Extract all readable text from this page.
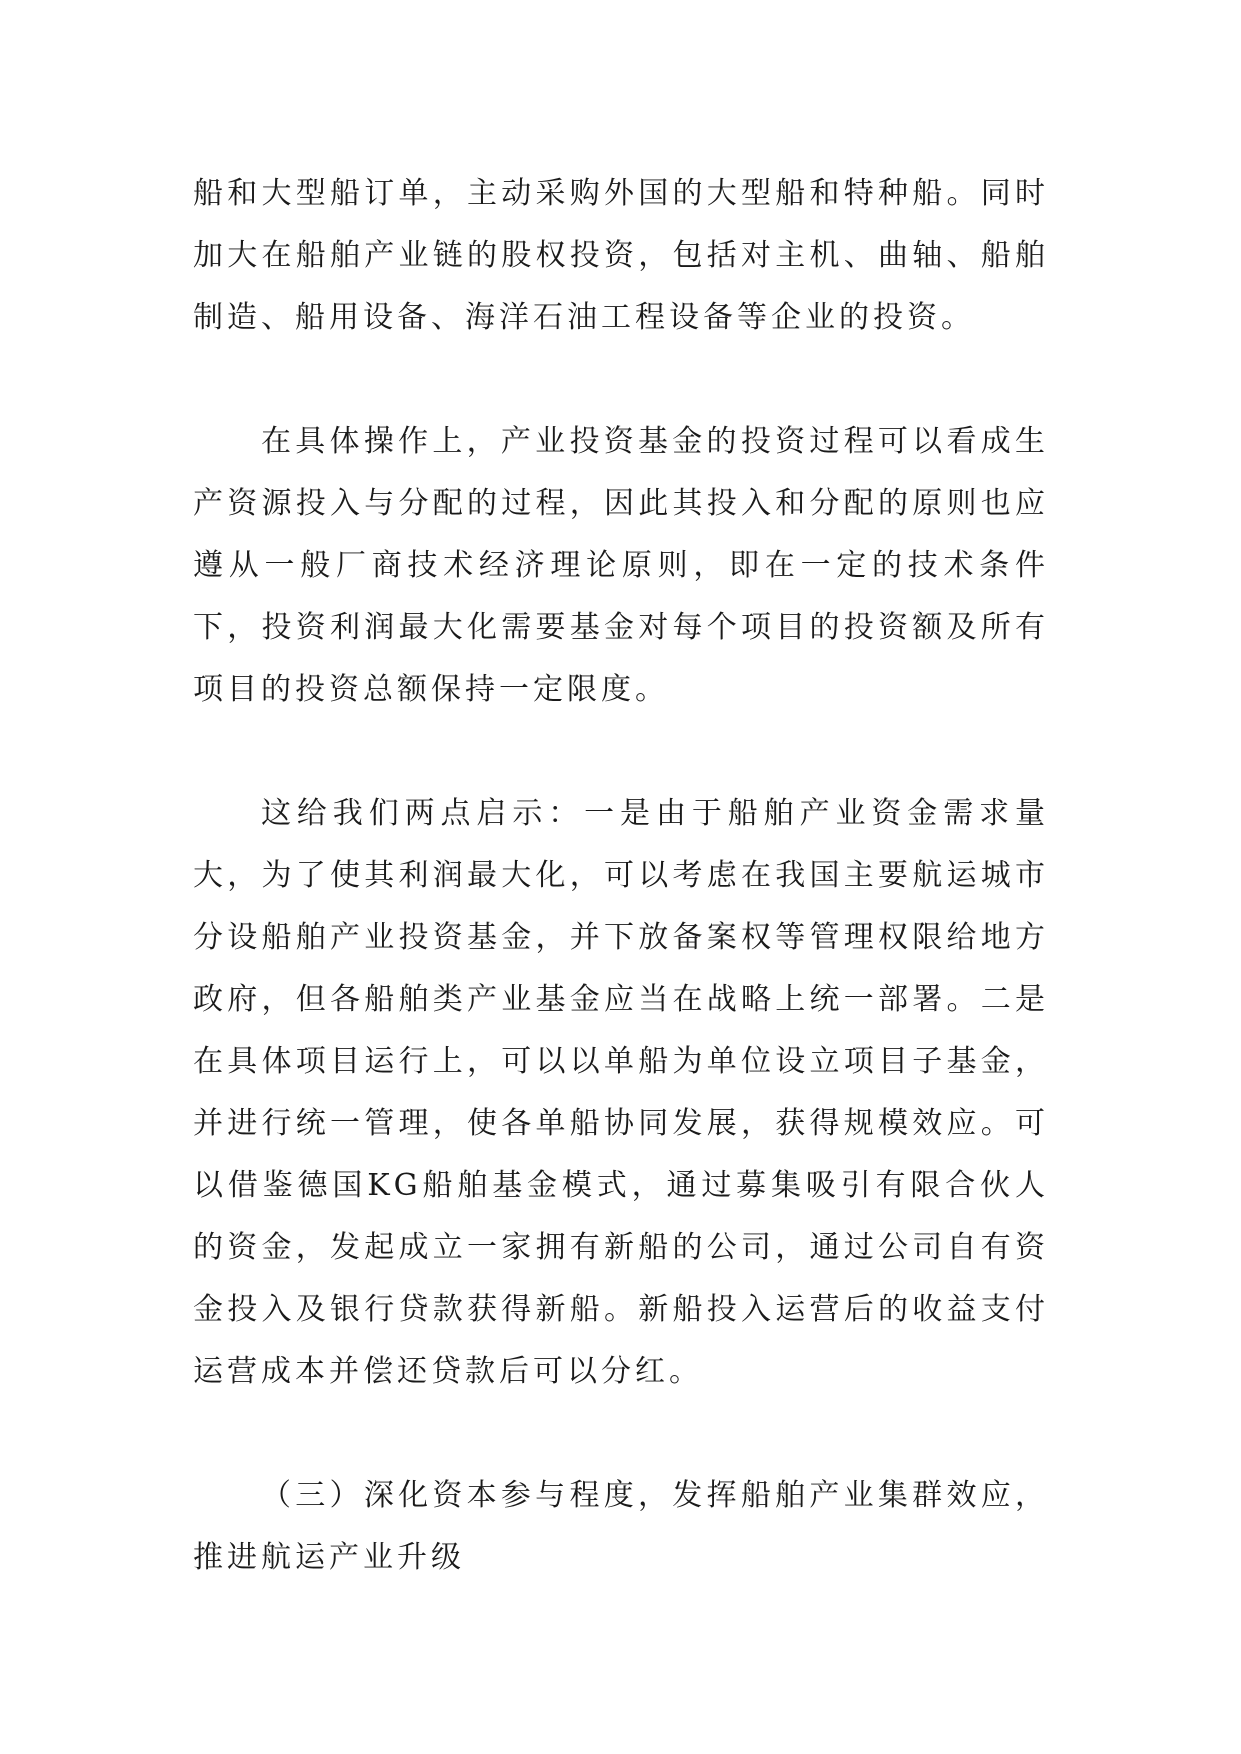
船和大型船订单，主动采购外国的大型船和特种船。同时加大在船舶产业链的股权投资，包括对主机、曲轴、船舶制造、船用设备、海洋石油工程设备等企业的投资。

在具体操作上，产业投资基金的投资过程可以看成生产资源投入与分配的过程，因此其投入和分配的原则也应遵从一般厂商技术经济理论原则，即在一定的技术条件下，投资利润最大化需要基金对每个项目的投资额及所有项目的投资总额保持一定限度。

这给我们两点启示：一是由于船舶产业资金需求量大，为了使其利润最大化，可以考虑在我国主要航运城市分设船舶产业投资基金，并下放备案权等管理权限给地方政府，但各船舶类产业基金应当在战略上统一部署。二是在具体项目运行上，可以以单船为单位设立项目子基金，并进行统一管理，使各单船协同发展，获得规模效应。可以借鉴德国KG船舶基金模式，通过募集吸引有限合伙人的资金，发起成立一家拥有新船的公司，通过公司自有资金投入及银行贷款获得新船。新船投入运营后的收益支付运营成本并偿还贷款后可以分红。

（三）深化资本参与程度，发挥船舶产业集群效应，推进航运产业升级
